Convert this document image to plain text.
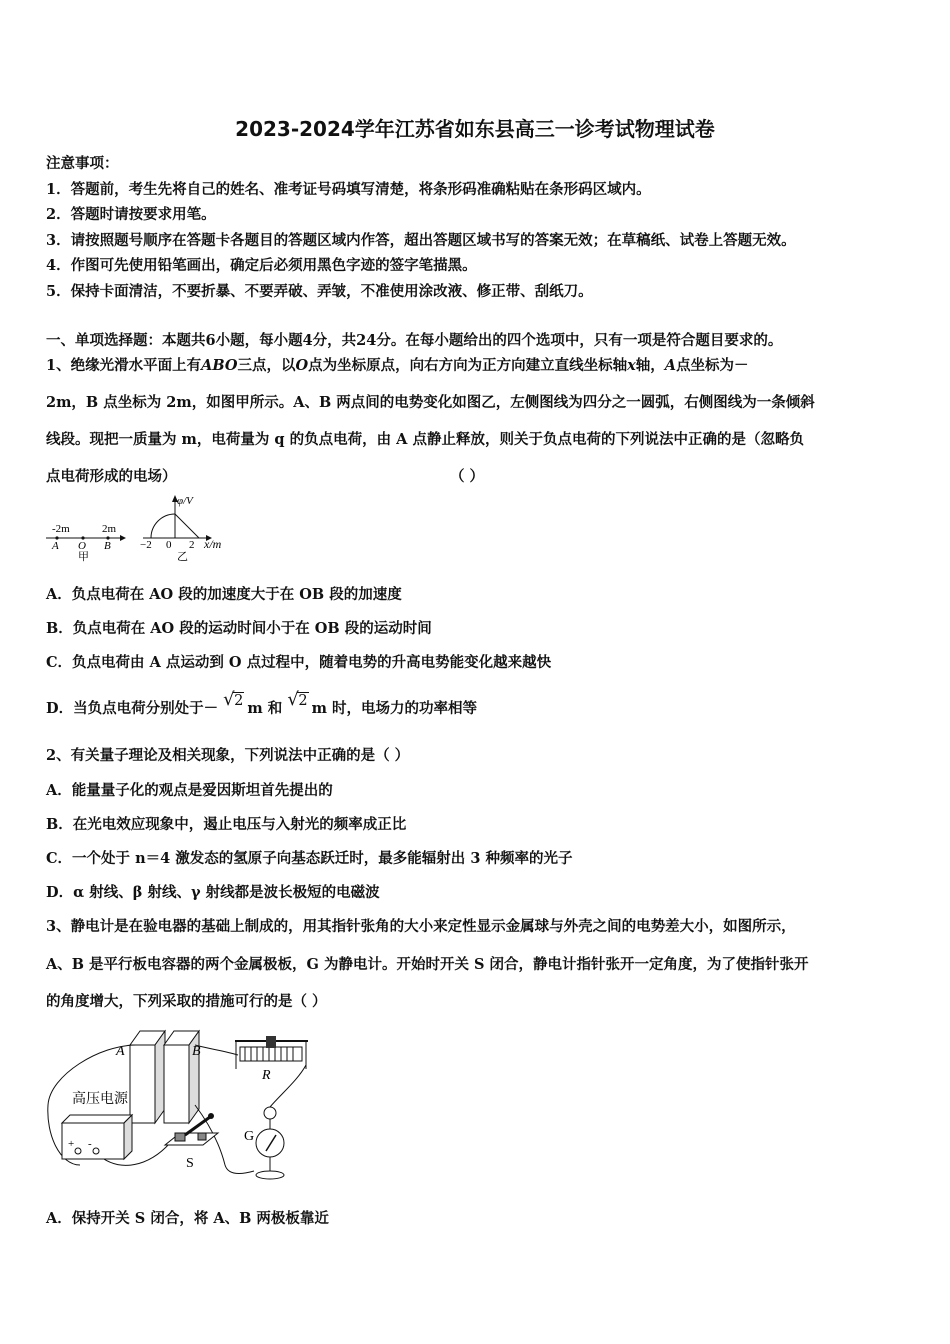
2023-2024学年江苏省如东县高三一诊考试物理试卷
注意事项：
1．答题前，考生先将自己的姓名、准考证号码填写清楚，将条形码准确粘贴在条形码区域内。
2．答题时请按要求用笔。
3．请按照题号顺序在答题卡各题目的答题区域内作答，超出答题区域书写的答案无效；在草稿纸、试卷上答题无效。
4．作图可先使用铅笔画出，确定后必须用黑色字迹的签字笔描黑。
5．保持卡面清洁，不要折暴、不要弄破、弄皱，不准使用涂改液、修正带、刮纸刀。
一、单项选择题：本题共6小题，每小题4分，共24分。在每小题给出的四个选项中，只有一项是符合题目要求的。
1、绝缘光滑水平面上有ABO三点，以O点为坐标原点，向右方向为正方向建立直线坐标轴x轴，A点坐标为－
2m，B 点坐标为 2m，如图甲所示。A、B 两点间的电势变化如图乙，左侧图线为四分之一圆弧，右侧图线为一条倾斜
线段。现把一质量为 m，电荷量为 q 的负点电荷，由 A 点静止释放，则关于负点电荷的下列说法中正确的是（忽略负
点电荷形成的电场）	（ ）
-2m	2m
A O B
甲
φ/V
−2 0 2 x/m
乙
A．负点电荷在 AO 段的加速度大于在 OB 段的加速度
B．负点电荷在 AO 段的运动时间小于在 OB 段的运动时间
C．负点电荷由 A 点运动到 O 点过程中，随着电势的升高电势能变化越来越快
D．当负点电荷分别处于－ √ 2 m 和 √ 2 m 时，电场力的功率相等
2、有关量子理论及相关现象，下列说法中正确的是（ ）
A．能量量子化的观点是爱因斯坦首先提出的
B．在光电效应现象中，遏止电压与入射光的频率成正比
C．一个处于 n＝4 激发态的氢原子向基态跃迁时，最多能辐射出 3 种频率的光子
D．α 射线、β 射线、γ 射线都是波长极短的电磁波
3、静电计是在验电器的基础上制成的，用其指针张角的大小来定性显示金属球与外壳之间的电势差大小，如图所示，
A、B 是平行板电容器的两个金属极板，G 为静电计。开始时开关 S 闭合，静电计指针张开一定角度，为了使指针张开
的角度增大，下列采取的措施可行的是（ ）
A	B
R
高压电源
+ -
S
G
A．保持开关 S 闭合，将 A、B 两极板靠近
